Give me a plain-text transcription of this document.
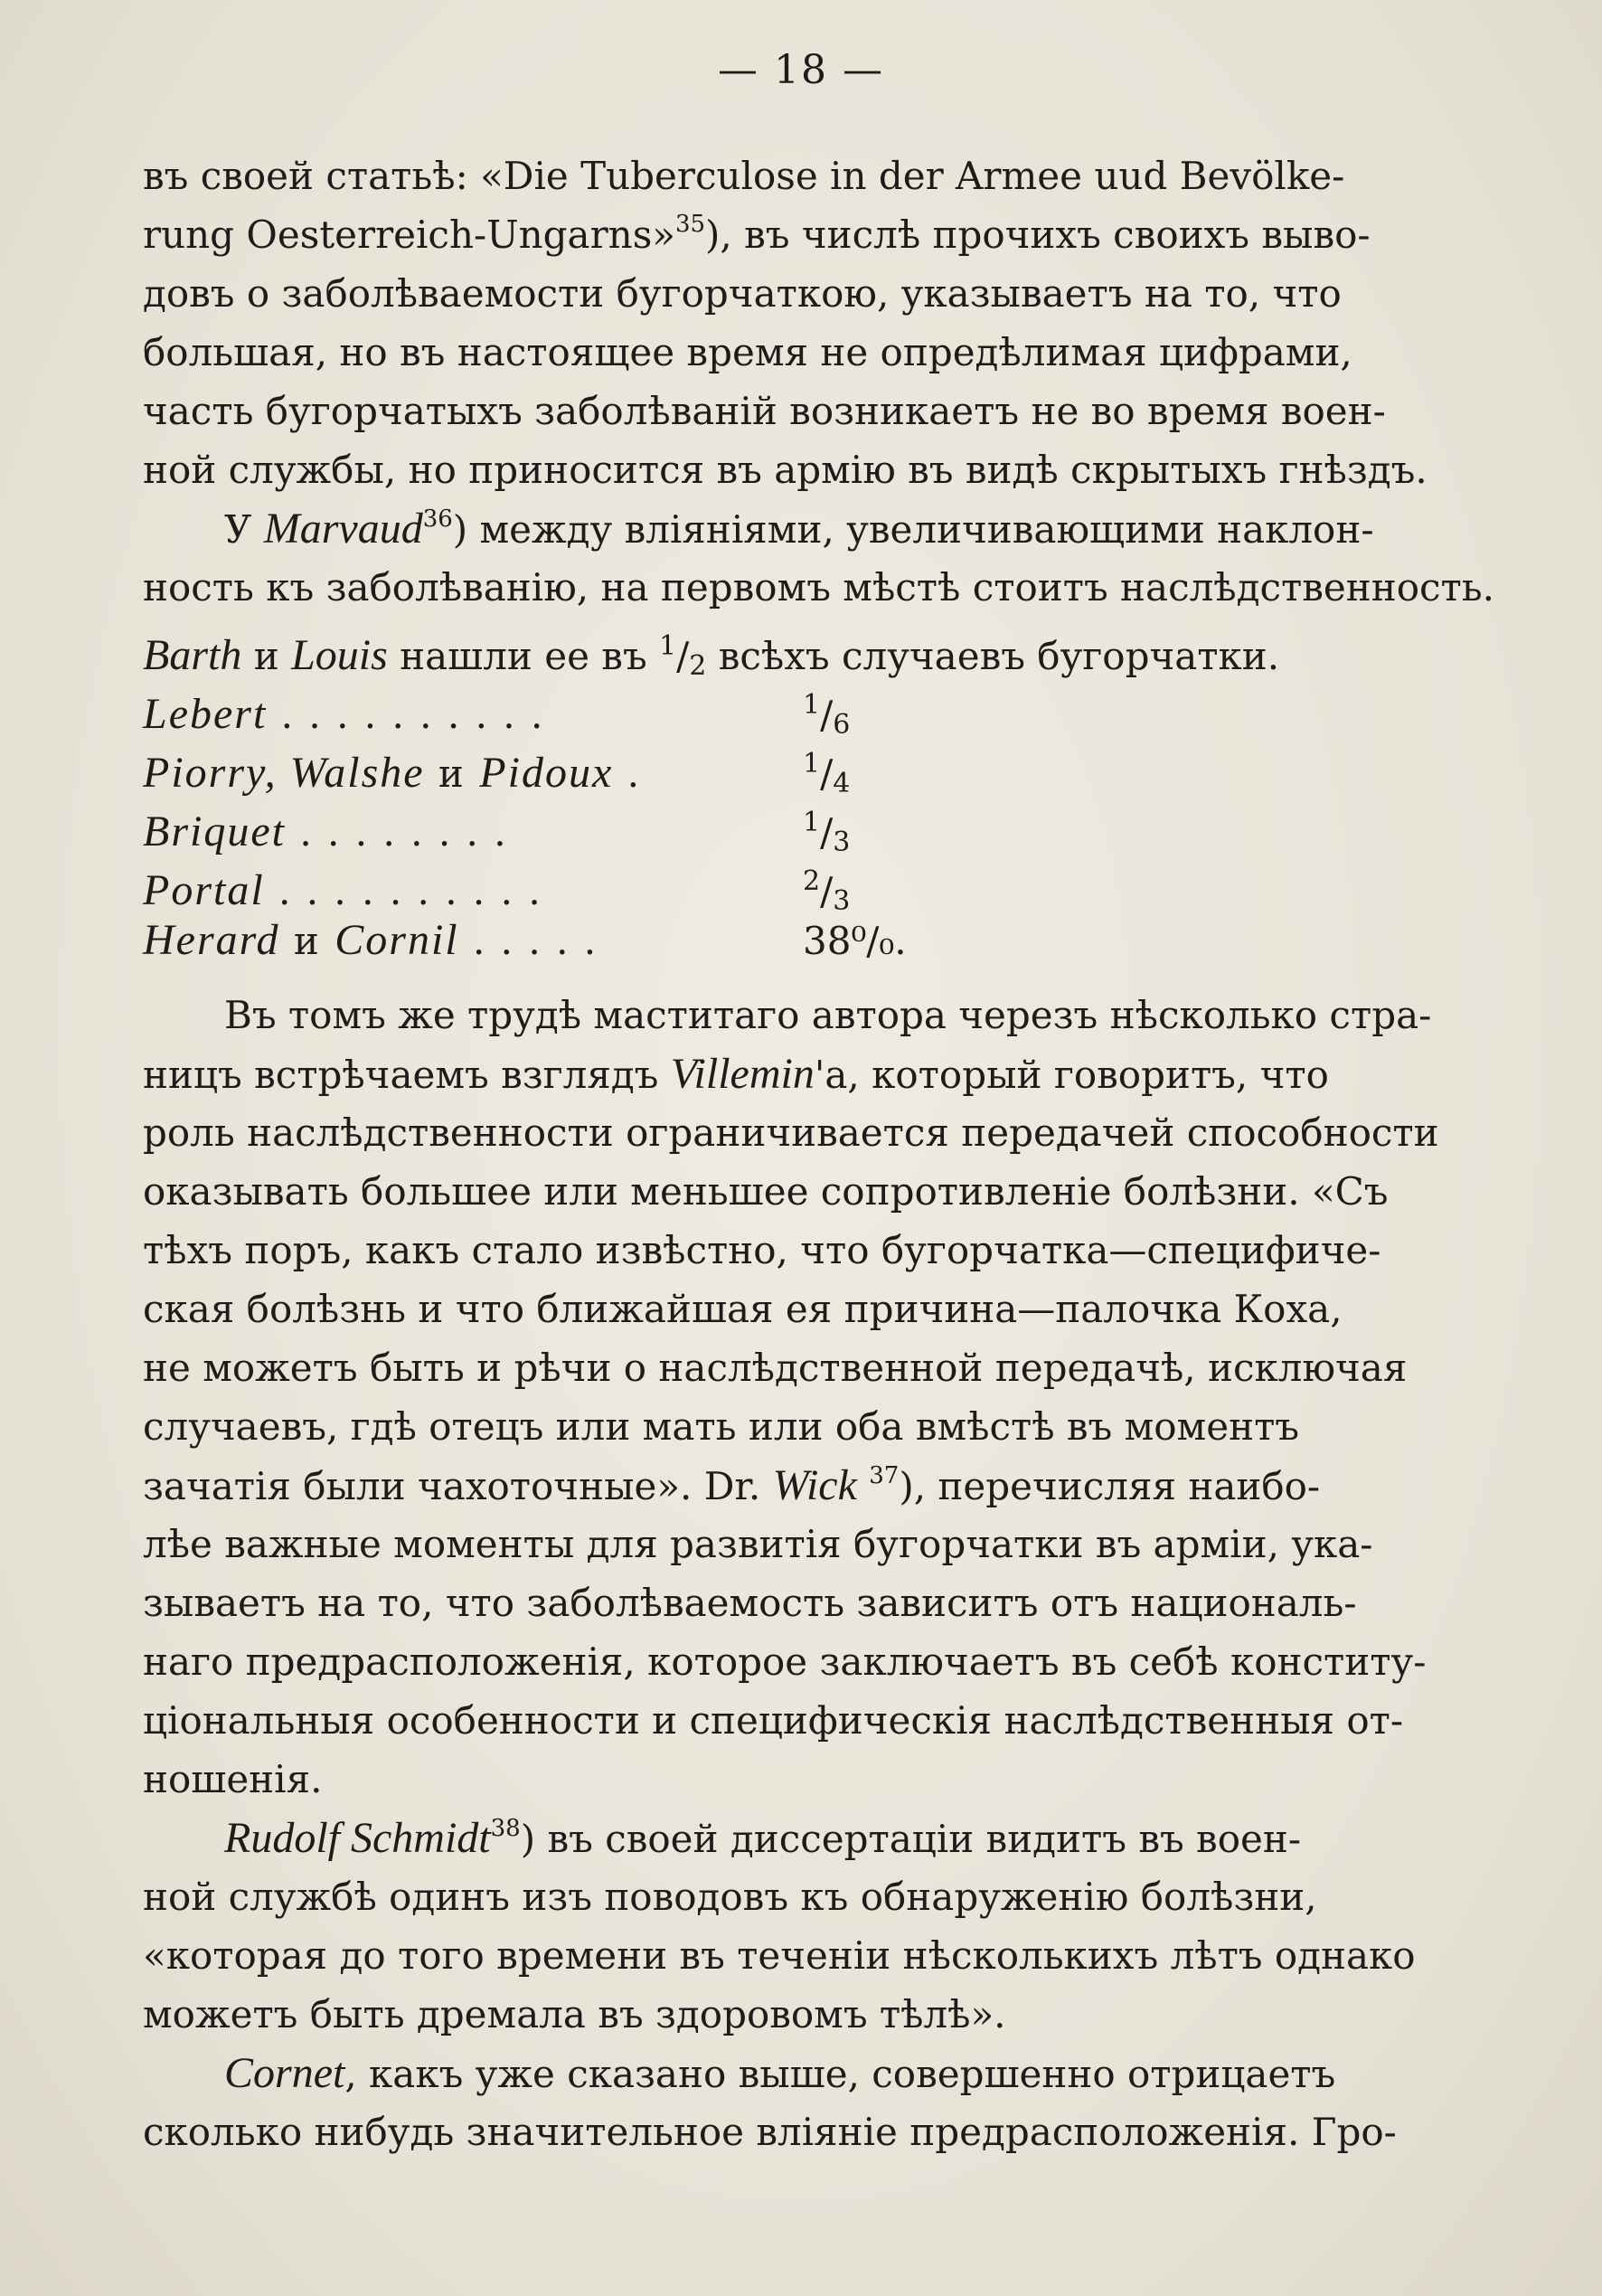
— 18 —
въ своей статьѣ: «Die Tuberculose in der Armee uud Bevölke-
rung Oesterreich-Ungarns»$^{35}$), въ числѣ прочихъ своихъ выво-
довъ о заболѣваемости бугорчаткою, указываетъ на то, что
большая, но въ настоящее время не опредѣлимая цифрами,
часть бугорчатыхъ заболѣваній возникаетъ не во время воен-
ной службы, но приносится въ армію въ видѣ скрытыхъ гнѣздъ.
У Marvaud$^{36}$) между вліяніями, увеличивающими наклон-
ность къ заболѣванію, на первомъ мѣстѣ стоитъ наслѣдственность.
Barth и Louis нашли ее въ 1/2 всѣхъ случаевъ бугорчатки.
Lebert . . . . . . . . . .	$^1$/6
Piorry, Walshe и Pidoux .	$^1$/4
Briquet . . . . . . . .	$^1$/3
Portal . . . . . . . . . .	$^2$/3
Herard и Cornil . . . . .	38⁰/₀.
Въ томъ же трудѣ маститаго автора черезъ нѣсколько стра-
ницъ встрѣчаемъ взглядъ Villemin'а, который говоритъ, что
роль наслѣдственности ограничивается передачей способности
оказывать большее или меньшее сопротивленіе болѣзни. «Съ
тѣхъ поръ, какъ стало извѣстно, что бугорчатка—специфиче-
ская болѣзнь и что ближайшая ея причина—палочка Коха,
не можетъ быть и рѣчи о наслѣдственной передачѣ, исключая
случаевъ, гдѣ отецъ или мать или оба вмѣстѣ въ моментъ
зачатія были чахоточные». Dr. Wick $^{37}$), перечисляя наибо-
лѣе важные моменты для развитія бугорчатки въ арміи, ука-
зываетъ на то, что заболѣваемость зависитъ отъ националь-
наго предрасположенія, которое заключаетъ въ себѣ конститу-
ціональныя особенности и специфическія наслѣдственныя от-
ношенія.
Rudolf Schmidt$^{38}$) въ своей диссертаціи видитъ въ воен-
ной службѣ одинъ изъ поводовъ къ обнаруженію болѣзни,
«которая до того времени въ теченіи нѣсколькихъ лѣтъ однако
можетъ быть дремала въ здоровомъ тѣлѣ».
Cornet, какъ уже сказано выше, совершенно отрицаетъ
сколько нибудь значительное вліяніе предрасположенія. Гро-
